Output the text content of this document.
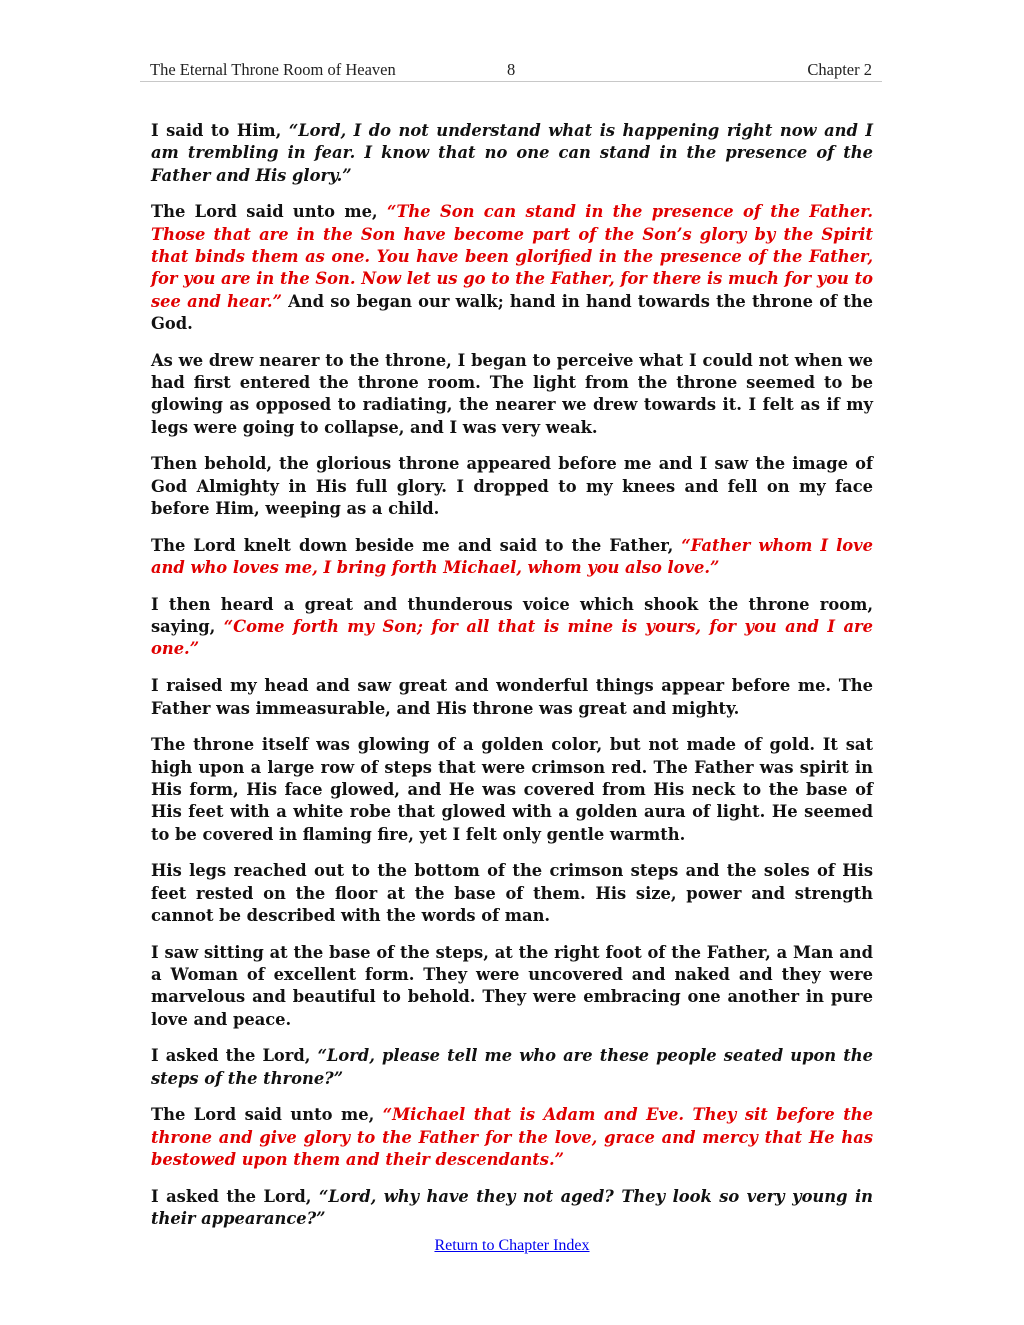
The Eternal Throne Room of Heaven	8	Chapter 2

I said to Him, “Lord, I do not understand what is happening right now and I am trembling in fear. I know that no one can stand in the presence of the Father and His glory.”

The Lord said unto me, “The Son can stand in the presence of the Father. Those that are in the Son have become part of the Son’s glory by the Spirit that binds them as one. You have been glorified in the presence of the Father, for you are in the Son. Now let us go to the Father, for there is much for you to see and hear.” And so began our walk; hand in hand towards the throne of the God.

As we drew nearer to the throne, I began to perceive what I could not when we had first entered the throne room. The light from the throne seemed to be glowing as opposed to radiating, the nearer we drew towards it. I felt as if my legs were going to collapse, and I was very weak.

Then behold, the glorious throne appeared before me and I saw the image of God Almighty in His full glory. I dropped to my knees and fell on my face before Him, weeping as a child.

The Lord knelt down beside me and said to the Father, “Father whom I love and who loves me, I bring forth Michael, whom you also love.”

I then heard a great and thunderous voice which shook the throne room, saying, “Come forth my Son; for all that is mine is yours, for you and I are one.”

I raised my head and saw great and wonderful things appear before me. The Father was immeasurable, and His throne was great and mighty.

The throne itself was glowing of a golden color, but not made of gold. It sat high upon a large row of steps that were crimson red. The Father was spirit in His form, His face glowed, and He was covered from His neck to the base of His feet with a white robe that glowed with a golden aura of light. He seemed to be covered in flaming fire, yet I felt only gentle warmth.

His legs reached out to the bottom of the crimson steps and the soles of His feet rested on the floor at the base of them. His size, power and strength cannot be described with the words of man.

I saw sitting at the base of the steps, at the right foot of the Father, a Man and a Woman of excellent form. They were uncovered and naked and they were marvelous and beautiful to behold. They were embracing one another in pure love and peace.

I asked the Lord, “Lord, please tell me who are these people seated upon the steps of the throne?”

The Lord said unto me, “Michael that is Adam and Eve. They sit before the throne and give glory to the Father for the love, grace and mercy that He has bestowed upon them and their descendants.”

I asked the Lord, “Lord, why have they not aged? They look so very young in their appearance?”

Return to Chapter Index
